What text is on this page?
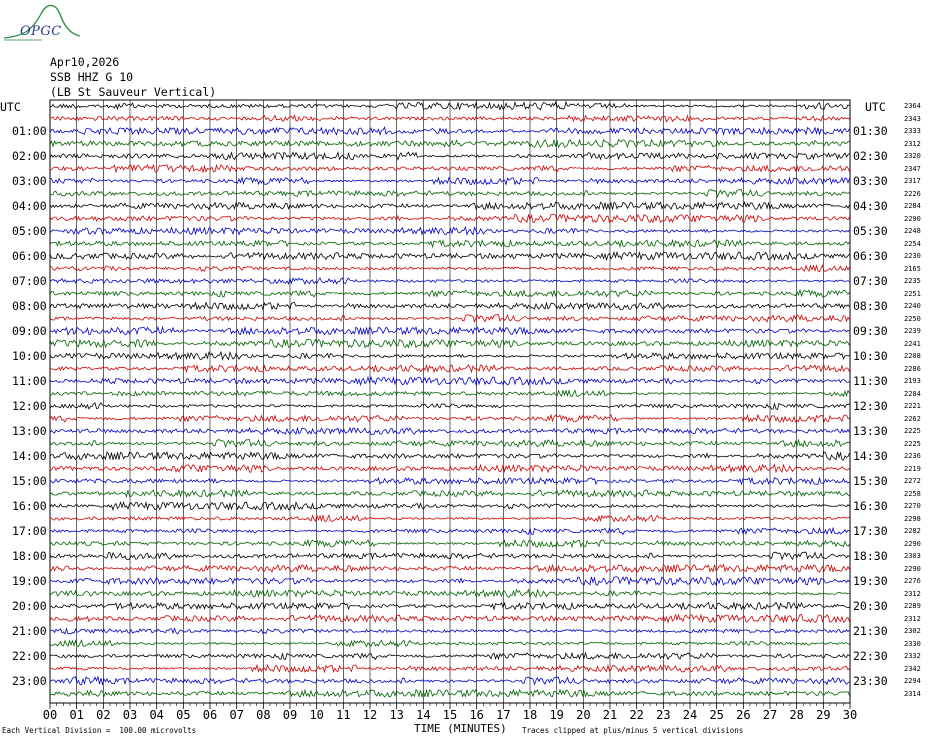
OPGC
Apr10,2026
SSB HHZ G 10
(LB St Sauveur Vertical)
UTC	UTC
00 01 02 03 04 05 06 07 08 09 10 11 12 13 14 15 16 17 18 19 20 21 22 23 24 25 26 27 28 29 30
01:00
02:00
03:00
04:00
05:00
06:00
07:00
08:00
09:00
10:00
11:00
12:00
13:00
14:00
15:00
16:00
17:00
18:00
19:00
20:00
21:00
22:00
23:00
01:30
02:30
03:30
04:30
05:30
06:30
07:30
08:30
09:30
10:30
11:30
12:30
13:30
14:30
15:30
16:30
17:30
18:30
19:30
20:30
21:30
22:30
23:30
2364
2343
2333
2312
2320
2347
2317
2226
2284
2290
2248
2254
2230
2165
2235
2251
2240
2250
2239
2241
2208
2286
2193
2284
2221
2262
2225
2225
2236
2219
2272
2258
2270
2298
2282
2290
2303
2290
2276
2312
2289
2312
2302
2330
2332
2342
2294
2314
Each Vertical Division =  100.00 microvolts	TIME (MINUTES) Traces clipped at plus/minus 5 vertical divisions
